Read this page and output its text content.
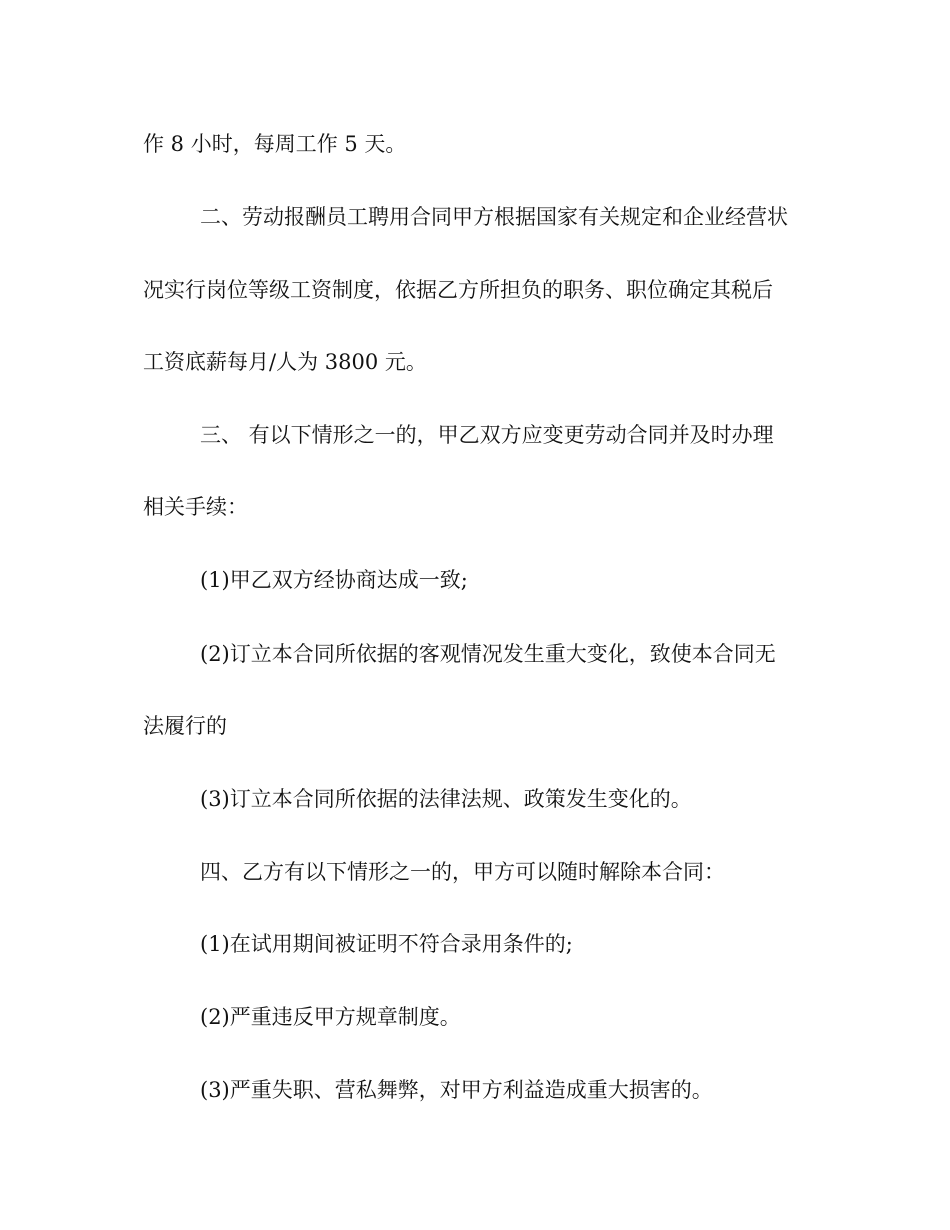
作 8 小时，每周工作 5 天。
二、劳动报酬员工聘用合同甲方根据国家有关规定和企业经营状
况实行岗位等级工资制度，依据乙方所担负的职务、职位确定其税后
工资底薪每月/人为 3800 元。
三、 有以下情形之一的，甲乙双方应变更劳动合同并及时办理
相关手续：
(1)甲乙双方经协商达成一致;
(2)订立本合同所依据的客观情况发生重大变化，致使本合同无
法履行的
(3)订立本合同所依据的法律法规、政策发生变化的。
四、乙方有以下情形之一的，甲方可以随时解除本合同：
(1)在试用期间被证明不符合录用条件的;
(2)严重违反甲方规章制度。
(3)严重失职、营私舞弊，对甲方利益造成重大损害的。
